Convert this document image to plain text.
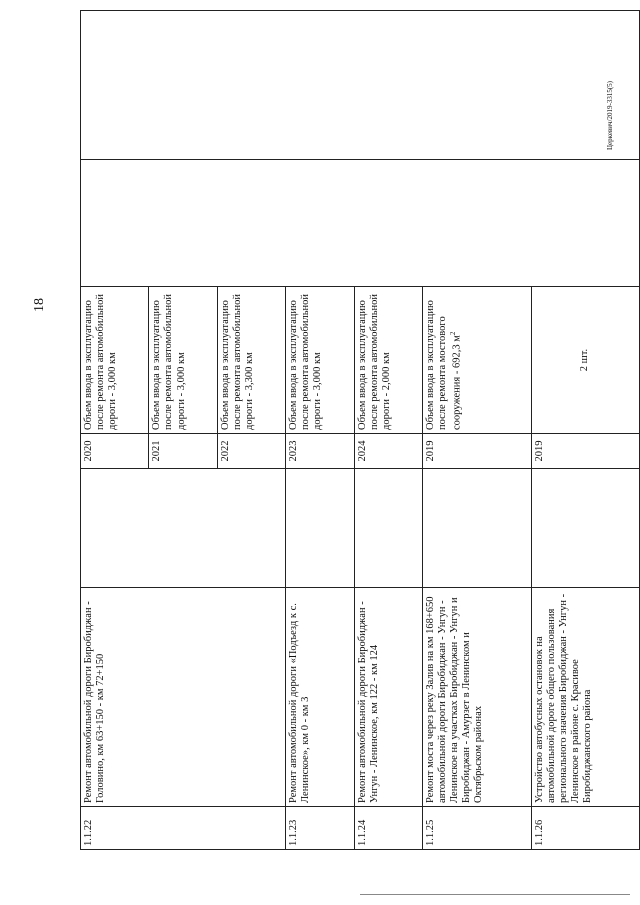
18
1.1.22	Ремонт автомобильной дороги Биробиджан - Головино, км 63+150 - км 72+150		2020	Объем ввода в эксплуатацию после ремонта автомобильной дороги - 3,000 км		
			2021	Объем ввода в эксплуатацию после ремонта автомобильной дороги - 3,000 км		
			2022	Объем ввода в эксплуатацию после ремонта автомобильной дороги - 3,300 км		
1.1.23	Ремонт автомобильной дороги «Подъезд к с. Ленинское», км 0 - км 3		2023	Объем ввода в эксплуатацию после ремонта автомобильной дороги - 3,000 км		
1.1.24	Ремонт автомобильной дороги Биробиджан - Унгун - Ленинское, км 122 - км 124		2024	Объем ввода в эксплуатацию после ремонта автомобильной дороги - 2,000 км		
1.1.25	Ремонт моста через реку Залив на км 168+650 автомобильной дороги Биробиджан - Унгун - Ленинское на участках Биробиджан - Унгун и Биробиджан - Амурзет в Ленинском и Октябрьском районах		2019	Объем ввода в эксплуатацию после ремонта мостового сооружения - 692,3 $м^2$
1.1.26	Устройство автобусных остановок на автомобильной дороге общего пользования регионального значения Биробиджан - Унгун - Ленинское в районе с. Красивое Биробиджанского района		2019	2 шт.		
Церкевич/2019-3315(5)
